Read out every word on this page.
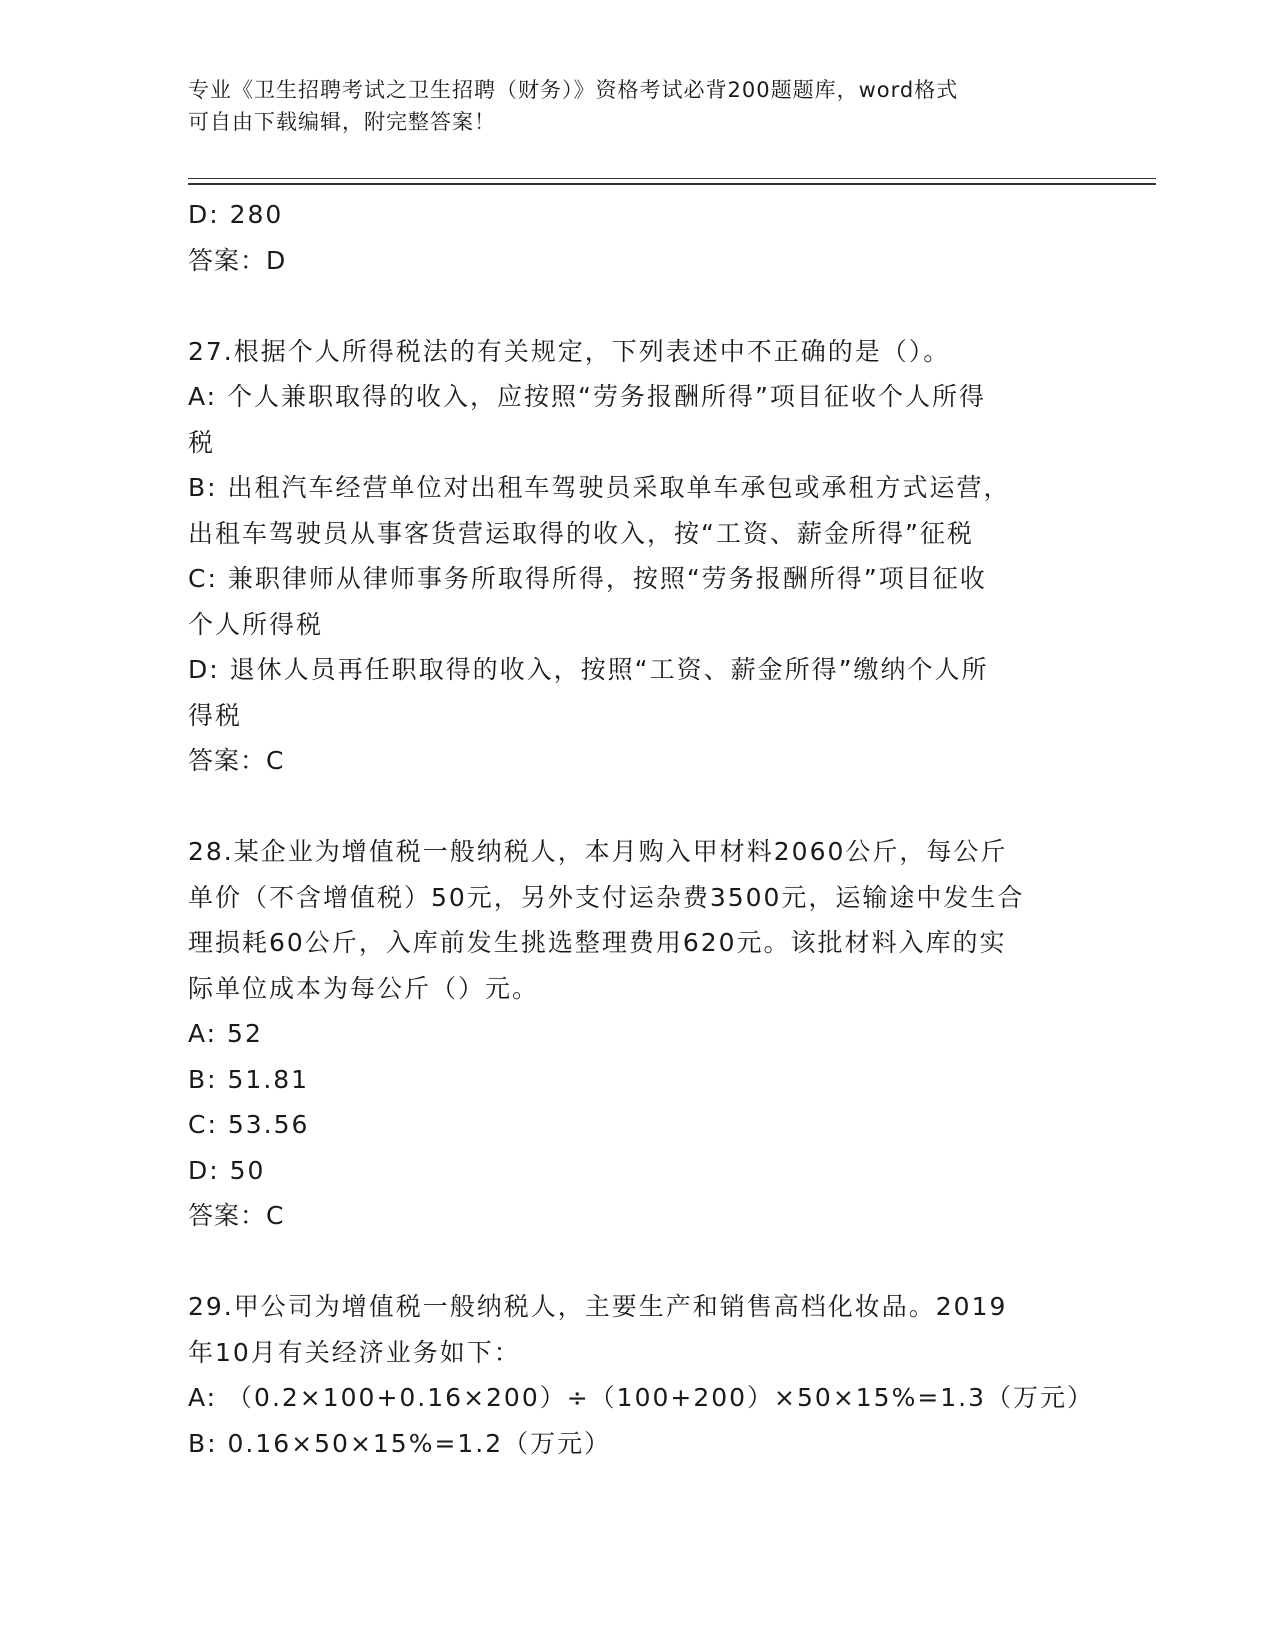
专业《卫生招聘考试之卫生招聘（财务）》资格考试必背200题题库，word格式
可自由下载编辑，附完整答案！
D: 280
答案：D
27.根据个人所得税法的有关规定，下列表述中不正确的是（）。
A: 个人兼职取得的收入，应按照“劳务报酬所得”项目征收个人所得
税
B: 出租汽车经营单位对出租车驾驶员采取单车承包或承租方式运营，
出租车驾驶员从事客货营运取得的收入，按“工资、薪金所得”征税
C: 兼职律师从律师事务所取得所得，按照“劳务报酬所得”项目征收
个人所得税
D: 退休人员再任职取得的收入，按照“工资、薪金所得”缴纳个人所
得税
答案：C
28.某企业为增值税一般纳税人，本月购入甲材料2060公斤，每公斤
单价（不含增值税）50元，另外支付运杂费3500元，运输途中发生合
理损耗60公斤，入库前发生挑选整理费用620元。该批材料入库的实
际单位成本为每公斤（）元。
A: 52
B: 51.81
C: 53.56
D: 50
答案：C
29.甲公司为增值税一般纳税人，主要生产和销售高档化妆品。2019
年10月有关经济业务如下：
A: （0.2×100+0.16×200）÷（100+200）×50×15%=1.3（万元）
B: 0.16×50×15%=1.2（万元）
